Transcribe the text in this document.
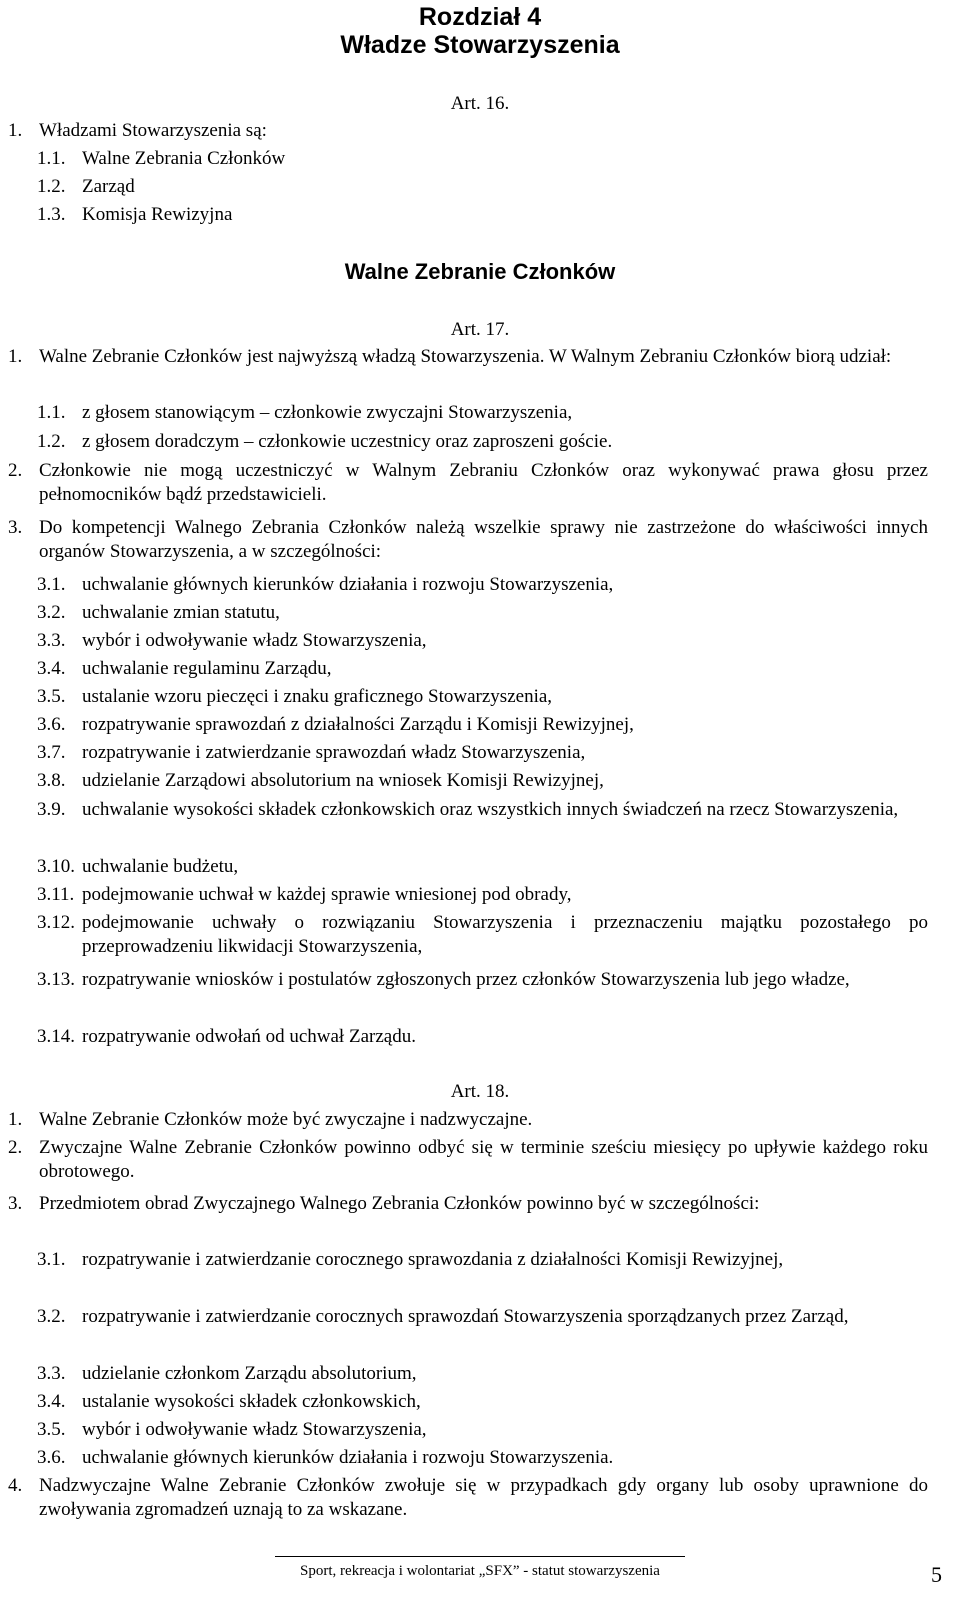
Rozdział 4
Władze Stowarzyszenia
Art. 16.
1. Władzami Stowarzyszenia są:
1.1. Walne Zebrania Członków
1.2. Zarząd
1.3. Komisja Rewizyjna
Walne Zebranie Członków
Art. 17.
1. Walne Zebranie Członków jest najwyższą władzą Stowarzyszenia. W Walnym Zebraniu Członków biorą udział:
1.1. z głosem stanowiącym – członkowie zwyczajni Stowarzyszenia,
1.2. z głosem doradczym – członkowie uczestnicy oraz zaproszeni goście.
2. Członkowie nie mogą uczestniczyć w Walnym Zebraniu Członków oraz wykonywać prawa głosu przez pełnomocników bądź przedstawicieli.
3. Do kompetencji Walnego Zebrania Członków należą wszelkie sprawy nie zastrzeżone do właściwości innych organów Stowarzyszenia, a w szczególności:
3.1. uchwalanie głównych kierunków działania i rozwoju Stowarzyszenia,
3.2. uchwalanie zmian statutu,
3.3. wybór i odwoływanie władz Stowarzyszenia,
3.4. uchwalanie regulaminu Zarządu,
3.5. ustalanie wzoru pieczęci i znaku graficznego Stowarzyszenia,
3.6. rozpatrywanie sprawozdań z działalności Zarządu i Komisji Rewizyjnej,
3.7. rozpatrywanie i zatwierdzanie sprawozdań władz Stowarzyszenia,
3.8. udzielanie Zarządowi absolutorium na wniosek Komisji Rewizyjnej,
3.9. uchwalanie wysokości składek członkowskich oraz wszystkich innych świadczeń na rzecz Stowarzyszenia,
3.10. uchwalanie budżetu,
3.11. podejmowanie uchwał w każdej sprawie wniesionej pod obrady,
3.12. podejmowanie uchwały o rozwiązaniu Stowarzyszenia i przeznaczeniu majątku pozostałego po przeprowadzeniu likwidacji Stowarzyszenia,
3.13. rozpatrywanie wniosków i postulatów zgłoszonych przez członków Stowarzyszenia lub jego władze,
3.14. rozpatrywanie odwołań od uchwał Zarządu.
Art. 18.
1. Walne Zebranie Członków może być zwyczajne i nadzwyczajne.
2. Zwyczajne Walne Zebranie Członków powinno odbyć się w terminie sześciu miesięcy po upływie każdego roku obrotowego.
3. Przedmiotem obrad Zwyczajnego Walnego Zebrania Członków powinno być w szczególności:
3.1. rozpatrywanie i zatwierdzanie corocznego sprawozdania z działalności Komisji Rewizyjnej,
3.2. rozpatrywanie i zatwierdzanie corocznych sprawozdań Stowarzyszenia sporządzanych przez Zarząd,
3.3. udzielanie członkom Zarządu absolutorium,
3.4. ustalanie wysokości składek członkowskich,
3.5. wybór i odwoływanie władz Stowarzyszenia,
3.6. uchwalanie głównych kierunków działania i rozwoju Stowarzyszenia.
4. Nadzwyczajne Walne Zebranie Członków zwołuje się w przypadkach gdy organy lub osoby uprawnione do zwoływania zgromadzeń uznają to za wskazane.
Sport, rekreacja i wolontariat „SFX” - statut stowarzyszenia	5
